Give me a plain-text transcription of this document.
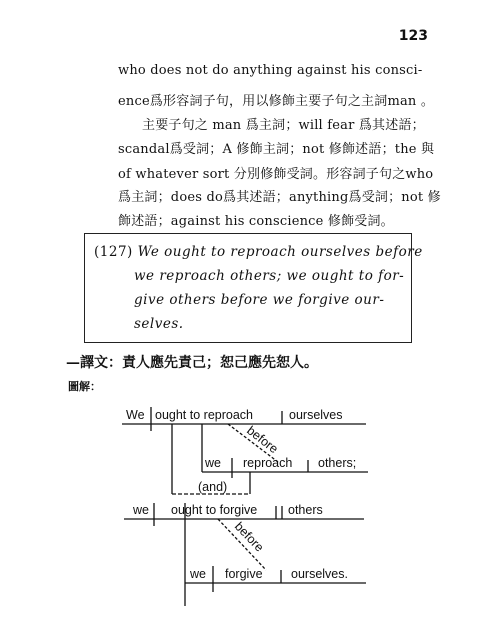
123
who does not do anything against his consci-
ence爲形容詞子句，用以修飾主要子句之主詞man 。
主要子句之 man 爲主詞；will fear 爲其述語；
scandal爲受詞；A 修飾主詞；not 修飾述語；the 與
of whatever sort 分別修飾受詞。形容詞子句之who
爲主詞；does do爲其述語；anything爲受詞；not 修
飾述語；against his conscience 修飾受詞。
(127) We ought to reproach ourselves before
we reproach others; we ought to for-
give others before we forgive our-
selves.
—譯文：責人應先責己；恕己應先恕人。
圖解：
We ought to reproach	ourselves
before
we reproach others;
(and)
we ought to forgive others
before
we forgive ourselves.
